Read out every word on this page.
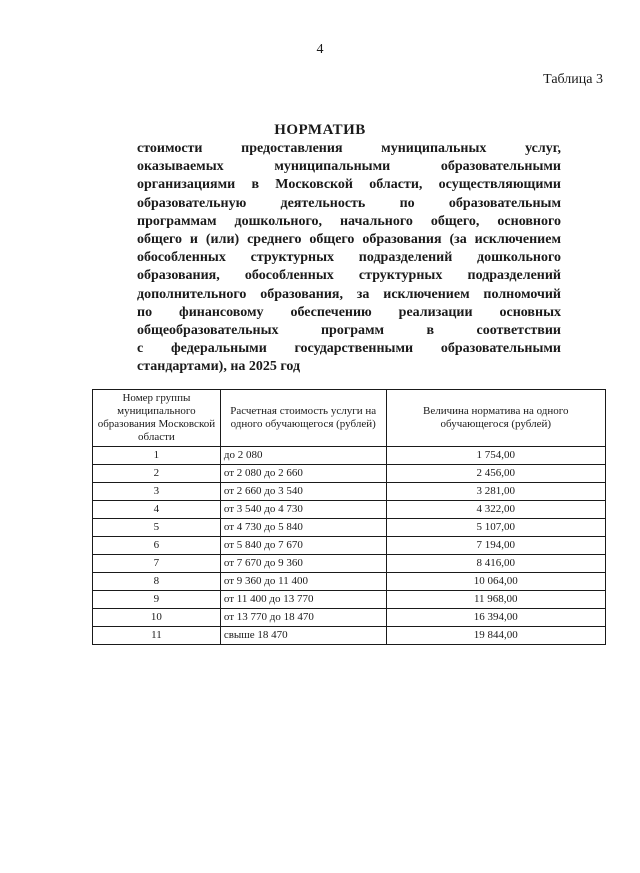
4
Таблица 3
НОРМАТИВ
стоимости предоставления муниципальных услуг,
оказываемых муниципальными образовательными
организациями в Московской области, осуществляющими
образовательную деятельность по образовательным
программам дошкольного, начального общего, основного
общего и (или) среднего общего образования (за исключением
обособленных структурных подразделений дошкольного
образования, обособленных структурных подразделений
дополнительного образования, за исключением полномочий
по финансовому обеспечению реализации основных
общеобразовательных программ в соответствии
с федеральными государственными образовательными
стандартами), на 2025 год
Номер группы муниципального образования Московской области	Расчетная стоимость услуги на одного обучающегося (рублей)	Величина норматива на одного обучающегося (рублей)
1	до 2 080	1 754,00
2	от 2 080 до 2 660	2 456,00
3	от 2 660 до 3 540	3 281,00
4	от 3 540 до 4 730	4 322,00
5	от 4 730 до 5 840	5 107,00
6	от 5 840 до 7 670	7 194,00
7	от 7 670 до 9 360	8 416,00
8	от 9 360 до 11 400	10 064,00
9	от 11 400 до 13 770	11 968,00
10	от 13 770 до 18 470	16 394,00
11	свыше 18 470	19 844,00
